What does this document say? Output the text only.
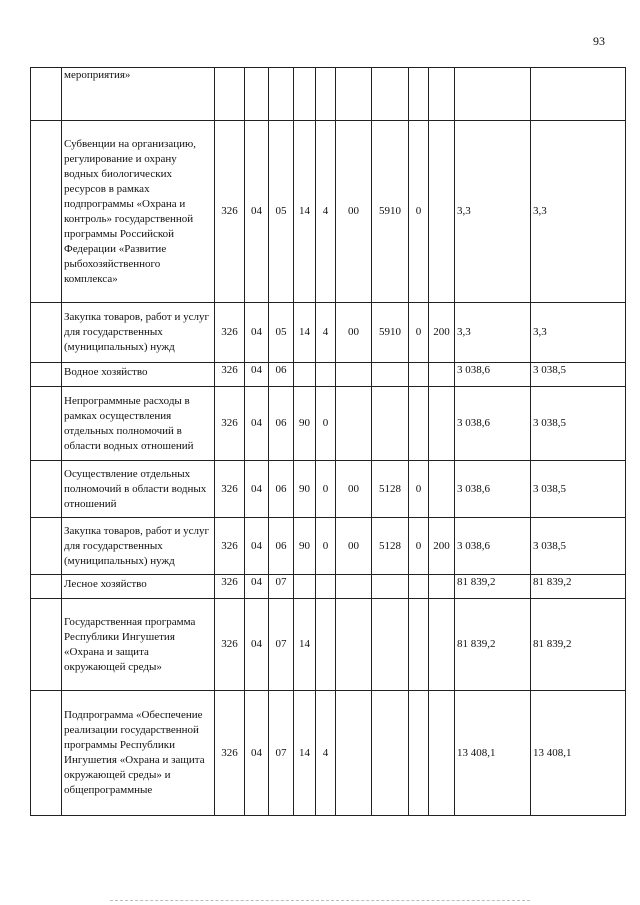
93
	мероприятия»											
	Субвенции на организацию, регулирование и охрану водных биологических ресурсов в рамках подпрограммы «Охрана и контроль» государственной программы Российской Федерации «Развитие рыбохозяйственного комплекса»	326	04	05	14	4	00	5910	0		3,3	3,3
	Закупка товаров, работ и услуг для государственных (муниципальных) нужд	326	04	05	14	4	00	5910	0	200	3,3	3,3
	Водное хозяйство	326	04	06							3 038,6	3 038,5
	Непрограммные расходы в рамках осуществления отдельных полномочий в области водных отношений	326	04	06	90	0					3 038,6	3 038,5
	Осуществление отдельных полномочий в области водных отношений	326	04	06	90	0	00	5128	0		3 038,6	3 038,5
	Закупка товаров, работ и услуг для государственных (муниципальных) нужд	326	04	06	90	0	00	5128	0	200	3 038,6	3 038,5
	Лесное хозяйство	326	04	07							81 839,2	81 839,2
	Государственная программа Республики Ингушетия «Охрана и защита окружающей среды»	326	04	07	14						81 839,2	81 839,2
	Подпрограмма «Обеспечение реализации государственной программы Республики Ингушетия «Охрана и защита окружающей среды» и общепрограммные	326	04	07	14	4					13 408,1	13 408,1
